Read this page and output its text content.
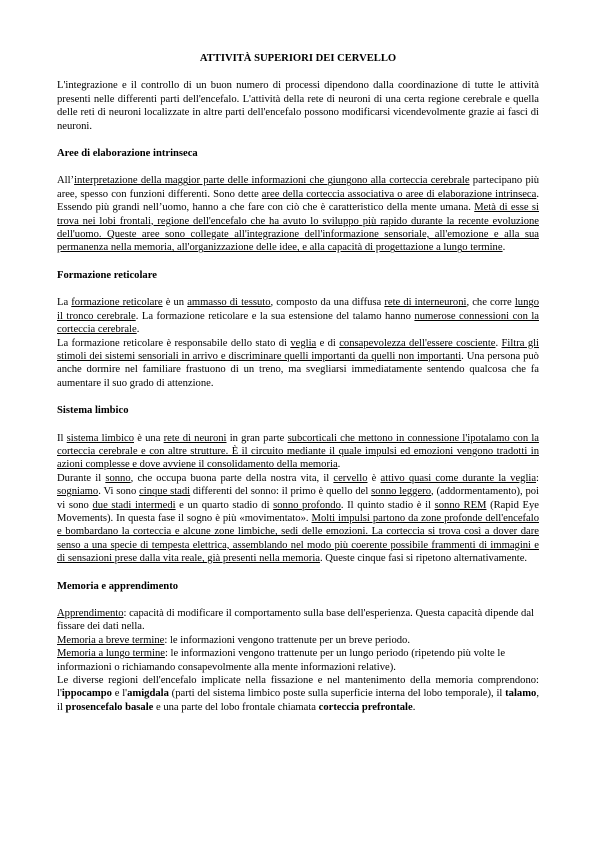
ATTIVITÀ SUPERIORI DEI CERVELLO

L'integrazione e il controllo di un buon numero di processi dipendono dalla coordinazione di tutte le attività presenti nelle differenti parti dell'encefalo. L'attività della rete di neuroni di una certa regione cerebrale e quella delle reti di neuroni localizzate in altre parti dell'encefalo possono modificarsi vicendevolmente grazie ai fasci di neuroni.

Aree di elaborazione intrinseca

All’interpretazione della maggior parte delle informazioni che giungono alla corteccia cerebrale partecipano più aree, spesso con funzioni differenti. Sono dette aree della corteccia associativa o aree di elaborazione intrinseca. Essendo più grandi nell’uomo, hanno a che fare con ciò che è caratteristico della mente umana. Metà di esse si trova nei lobi frontali, regione dell'encefalo che ha avuto lo sviluppo più rapido durante la recente evoluzione dell'uomo. Queste aree sono collegate all'integrazione dell'informazione sensoriale, all'emozione e alla sua permanenza nella memoria, all'organizzazione delle idee, e alla capacità di progettazione a lungo termine.

Formazione reticolare

La formazione reticolare è un ammasso di tessuto, composto da una diffusa rete di interneuroni, che corre lungo il tronco cerebrale. La formazione reticolare e la sua estensione del talamo hanno numerose connessioni con la corteccia cerebrale.

La formazione reticolare è responsabile dello stato di veglia e di consapevolezza dell'essere cosciente. Filtra gli stimoli dei sistemi sensoriali in arrivo e discriminare quelli importanti da quelli non importanti. Una persona può anche dormire nel familiare frastuono di un treno, ma svegliarsi immediatamente sentendo qualcosa che fa aumentare il suo grado di attenzione.

Sistema limbico

Il sistema limbico è una rete di neuroni in gran parte subcorticali che mettono in connessione l'ipotalamo con la corteccia cerebrale e con altre strutture. È il circuito mediante il quale impulsi ed emozioni vengono tradotti in azioni complesse e dove avviene il consolidamento della memoria.

Durante il sonno, che occupa buona parte della nostra vita, il cervello è attivo quasi come durante la veglia: sogniamo. Vi sono cinque stadi differenti del sonno: il primo è quello del sonno leggero, (addormentamento), poi vi sono due stadi intermedi e un quarto stadio di sonno profondo. Il quinto stadio è il sonno REM (Rapid Eye Movements). In questa fase il sogno è più «movimentato». Molti impulsi partono da zone profonde dell'encefalo e bombardano la corteccia e alcune zone limbiche, sedi delle emozioni. La corteccia si trova così a dover dare senso a una specie di tempesta elettrica, assemblando nel modo più coerente possibile frammenti di immagini e di sensazioni prese dalla vita reale, già presenti nella memoria. Queste cinque fasi si ripetono alternativamente.

Memoria e apprendimento

Apprendimento: capacità di modificare il comportamento sulla base dell'esperienza. Questa capacità dipende dal fissare dei dati nella.

Memoria a breve termine: le informazioni vengono trattenute per un breve periodo.

Memoria a lungo termine: le informazioni vengono trattenute per un lungo periodo (ripetendo più volte le informazioni o richiamando consapevolmente alla mente informazioni relative).

Le diverse regioni dell'encefalo implicate nella fissazione e nel mantenimento della memoria comprendono: l'ippocampo e l'amigdala (parti del sistema limbico poste sulla superficie interna del lobo temporale), il talamo, il prosencefalo basale e una parte del lobo frontale chiamata corteccia prefrontale.
